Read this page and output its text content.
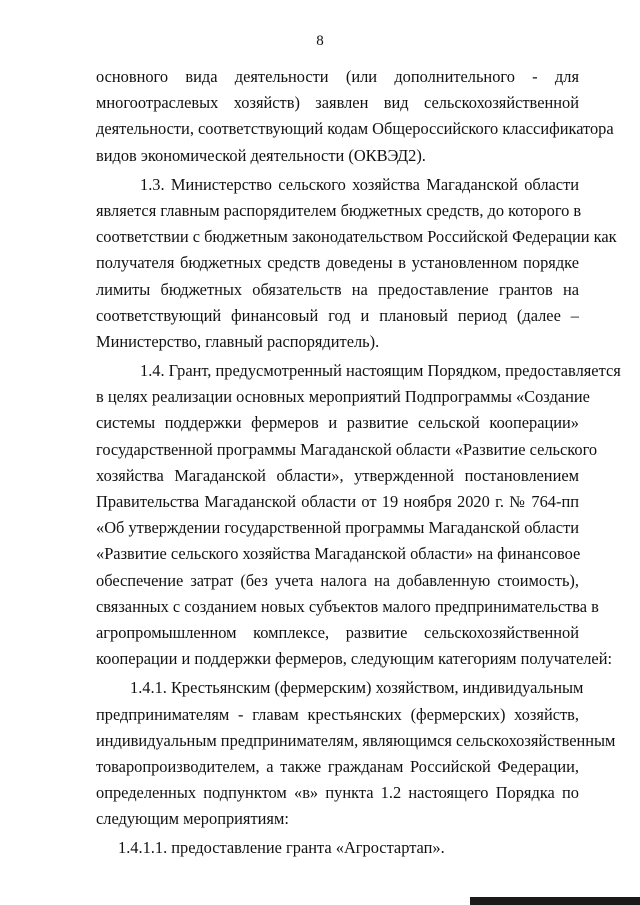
8
основного вида деятельности (или дополнительного - для
многоотраслевых хозяйств) заявлен вид сельскохозяйственной
деятельности, соответствующий кодам Общероссийского классификатора
видов экономической деятельности (ОКВЭД2).
1.3. Министерство сельского хозяйства Магаданской области
является главным распорядителем бюджетных средств, до которого в
соответствии с бюджетным законодательством Российской Федерации как
получателя бюджетных средств доведены в установленном порядке
лимиты бюджетных обязательств на предоставление грантов на
соответствующий финансовый год и плановый период (далее –
Министерство, главный распорядитель).
1.4. Грант, предусмотренный настоящим Порядком, предоставляется
в целях реализации основных мероприятий Подпрограммы «Создание
системы поддержки фермеров и развитие сельской кооперации»
государственной программы Магаданской области «Развитие сельского
хозяйства Магаданской области», утвержденной постановлением
Правительства Магаданской области от 19 ноября 2020 г. № 764-пп
«Об утверждении государственной программы Магаданской области
«Развитие сельского хозяйства Магаданской области» на финансовое
обеспечение затрат (без учета налога на добавленную стоимость),
связанных с созданием новых субъектов малого предпринимательства в
агропромышленном комплексе, развитие сельскохозяйственной
кооперации и поддержки фермеров, следующим категориям получателей:
1.4.1. Крестьянским (фермерским) хозяйством, индивидуальным
предпринимателям - главам крестьянских (фермерских) хозяйств,
индивидуальным предпринимателям, являющимся сельскохозяйственным
товаропроизводителем, а также гражданам Российской Федерации,
определенных подпунктом «в» пункта 1.2 настоящего Порядка по
следующим мероприятиям:
1.4.1.1. предоставление гранта «Агростартап».
